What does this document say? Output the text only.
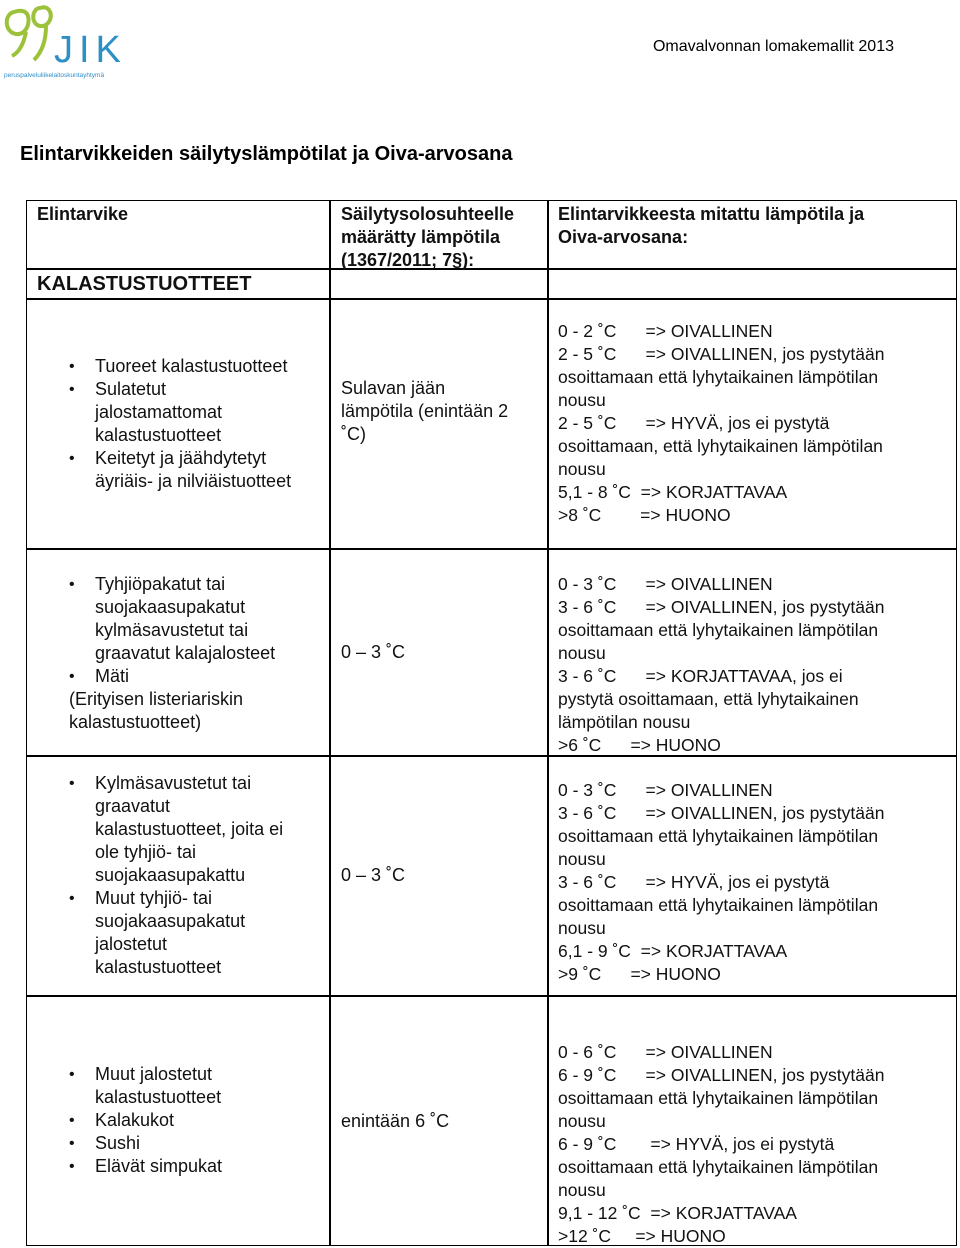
JIK
peruspalveluliikelaitoskuntayhtymä
Omavalvonnan lomakemallit 2013
Elintarvikkeiden säilytyslämpötilat ja Oiva-arvosana
Elintarvike	Säilytysolosuhteelle
määrätty lämpötila
(1367/2011; 7§):
Elintarvikkeesta mitattu lämpötila ja
Oiva-arvosana:
KALASTUSTUOTTEET
• Tuoreet kalastustuotteet
• Sulatetut
jalostamattomat
kalastustuotteet
• Keitetyt ja jäähdytetyt
äyriäis- ja nilviäistuotteet
Sulavan jään
lämpötila (enintään 2
˚C)
0 - 2 ˚C      => OIVALLINEN
2 - 5 ˚C      => OIVALLINEN, jos pystytään
osoittamaan että lyhytaikainen lämpötilan
nousu
2 - 5 ˚C      => HYVÄ, jos ei pystytä
osoittamaan, että lyhytaikainen lämpötilan
nousu
5,1 - 8 ˚C  => KORJATTAVAA
>8 ˚C        => HUONO
• Tyhjiöpakatut tai
suojakaasupakatut
kylmäsavustetut tai
graavatut kalajalosteet
• Mäti
(Erityisen listeriariskin
kalastustuotteet)
0 – 3 ˚C
0 - 3 ˚C      => OIVALLINEN
3 - 6 ˚C      => OIVALLINEN, jos pystytään
osoittamaan että lyhytaikainen lämpötilan
nousu
3 - 6 ˚C      => KORJATTAVAA, jos ei
pystytä osoittamaan, että lyhytaikainen
lämpötilan nousu
>6 ˚C      => HUONO
• Kylmäsavustetut tai
graavatut
kalastustuotteet, joita ei
ole tyhjiö- tai
suojakaasupakattu
• Muut tyhjiö- tai
suojakaasupakatut
jalostetut
kalastustuotteet
0 – 3 ˚C
0 - 3 ˚C      => OIVALLINEN
3 - 6 ˚C      => OIVALLINEN, jos pystytään
osoittamaan että lyhytaikainen lämpötilan
nousu
3 - 6 ˚C      => HYVÄ, jos ei pystytä
osoittamaan että lyhytaikainen lämpötilan
nousu
6,1 - 9 ˚C  => KORJATTAVAA
>9 ˚C      => HUONO
• Muut jalostetut
kalastustuotteet
• Kalakukot
• Sushi
• Elävät simpukat
enintään 6 ˚C
0 - 6 ˚C      => OIVALLINEN
6 - 9 ˚C      => OIVALLINEN, jos pystytään
osoittamaan että lyhytaikainen lämpötilan
nousu
6 - 9 ˚C       => HYVÄ, jos ei pystytä
osoittamaan että lyhytaikainen lämpötilan
nousu
9,1 - 12 ˚C  => KORJATTAVAA
>12 ˚C     => HUONO
